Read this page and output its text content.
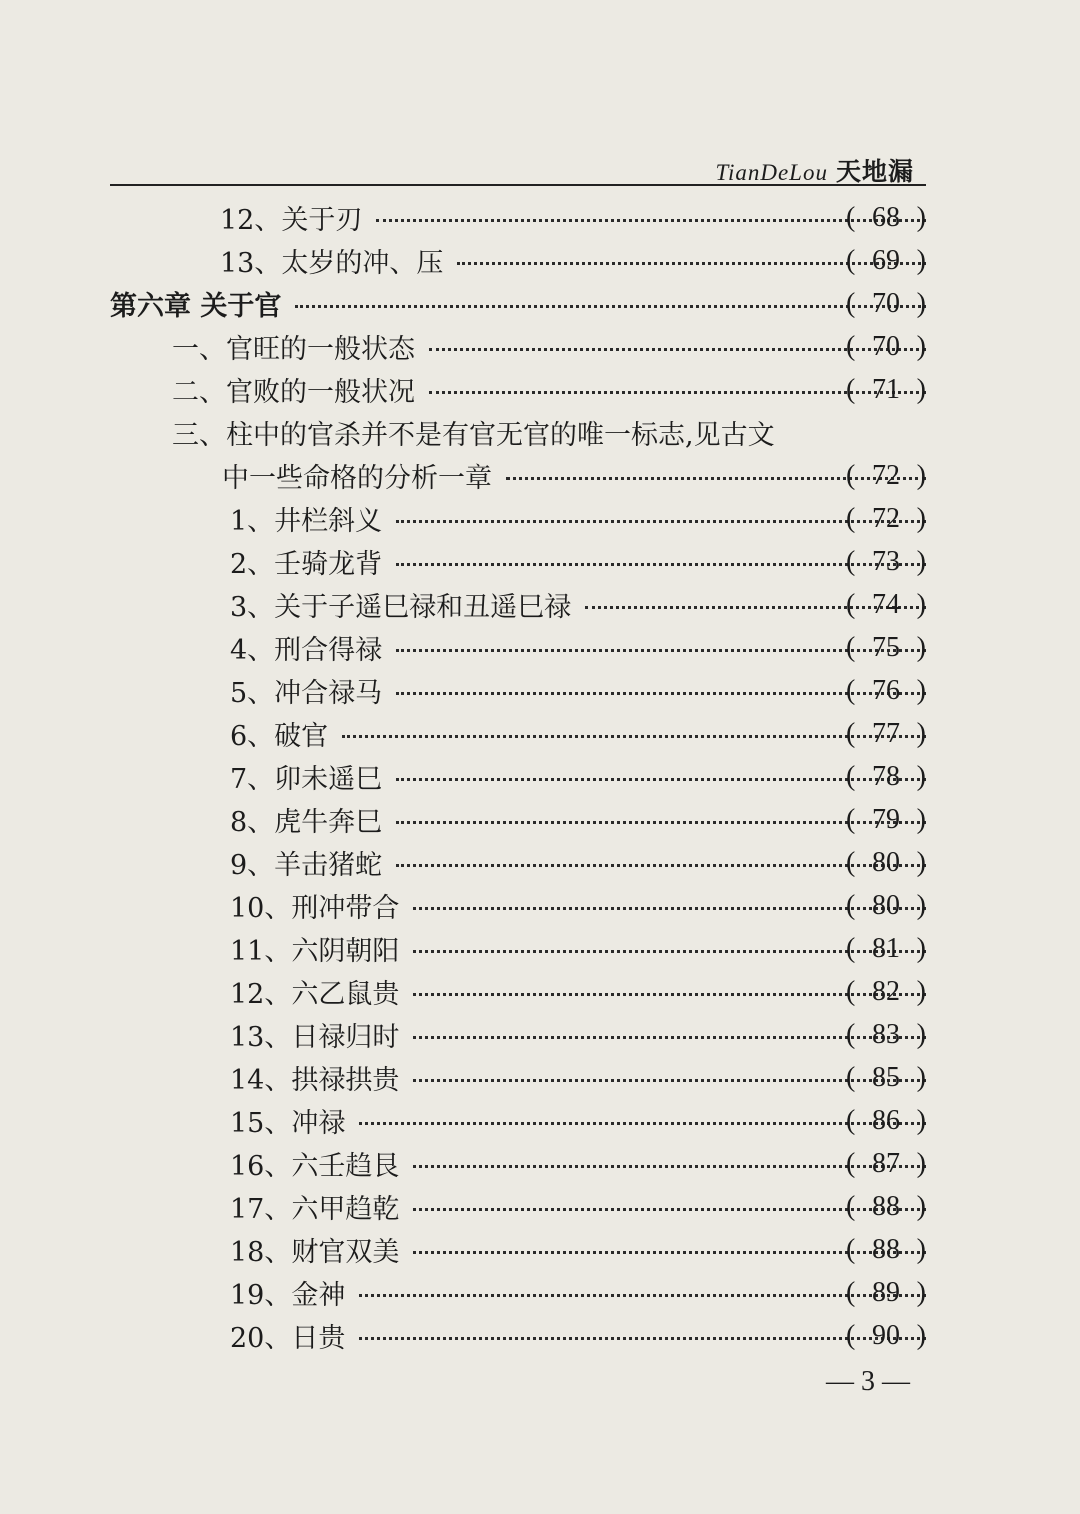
TianDeLou 天地漏
12、关于刃	( 68 )
13、太岁的冲、压	( 69 )
第六章 关于官	( 70 )
一、官旺的一般状态	( 70 )
二、官败的一般状况	( 71 )
三、柱中的官杀并不是有官无官的唯一标志,见古文
中一些命格的分析一章	( 72 )
1、井栏斜义	( 72 )
2、壬骑龙背	( 73 )
3、关于子遥巳禄和丑遥巳禄	( 74 )
4、刑合得禄	( 75 )
5、冲合禄马	( 76 )
6、破官	( 77 )
7、卯未遥巳	( 78 )
8、虎牛奔巳	( 79 )
9、羊击猪蛇	( 80 )
10、刑冲带合	( 80 )
11、六阴朝阳	( 81 )
12、六乙鼠贵	( 82 )
13、日禄归时	( 83 )
14、拱禄拱贵	( 85 )
15、冲禄	( 86 )
16、六壬趋艮	( 87 )
17、六甲趋乾	( 88 )
18、财官双美	( 88 )
19、金神	( 89 )
20、日贵	( 90 )
— 3 —
